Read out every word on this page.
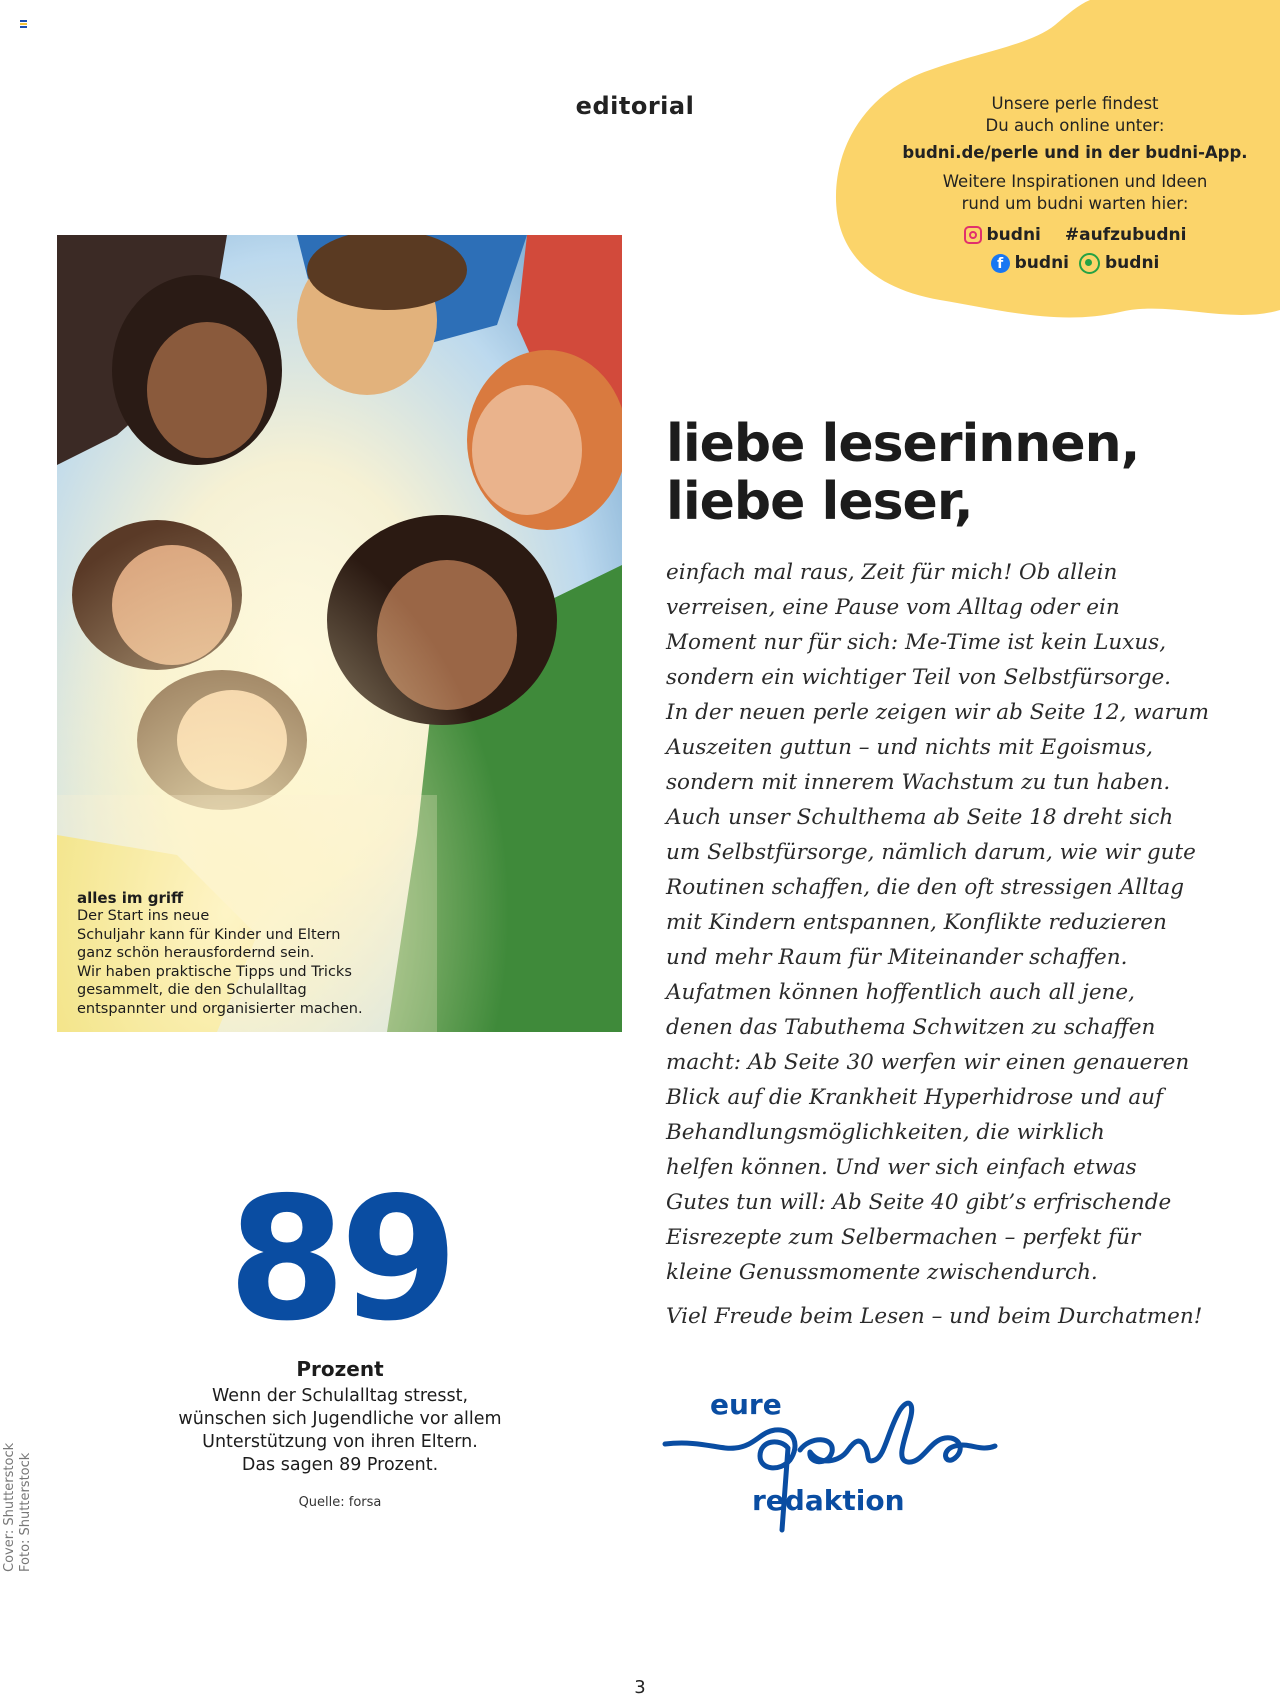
editorial	Unsere perle findest
Du auch online unter:
budni.de/perle und in der budni-App.
Weitere Inspirationen und Ideen
rund um budni warten hier:
budni #aufzubudni
f budni budni
alles im griff
Der Start ins neue
Schuljahr kann für Kinder und Eltern
ganz schön herausfordernd sein.
Wir haben praktische Tipps und Tricks
gesammelt, die den Schulalltag
entspannter und organisierter machen.
liebe leserinnen,
liebe leser,
einfach mal raus, Zeit für mich! Ob allein
verreisen, eine Pause vom Alltag oder ein
Moment nur für sich: Me-Time ist kein Luxus,
sondern ein wichtiger Teil von Selbstfürsorge.
In der neuen perle zeigen wir ab Seite 12, warum
Auszeiten guttun – und nichts mit Egoismus,
sondern mit innerem Wachstum zu tun haben.
Auch unser Schulthema ab Seite 18 dreht sich
um Selbstfürsorge, nämlich darum, wie wir gute
Routinen schaffen, die den oft stressigen Alltag
mit Kindern entspannen, Konflikte reduzieren
und mehr Raum für Miteinander schaffen.
Aufatmen können hoffentlich auch all jene,
denen das Tabuthema Schwitzen zu schaffen
macht: Ab Seite 30 werfen wir einen genaueren
Blick auf die Krankheit Hyperhidrose und auf
Behandlungsmöglichkeiten, die wirklich
helfen können. Und wer sich einfach etwas
Gutes tun will: Ab Seite 40 gibt’s erfrischende
Eisrezepte zum Selbermachen – perfekt für
kleine Genussmomente zwischendurch.
Viel Freude beim Lesen – und beim Durchatmen!
89
Prozent
Wenn der Schulalltag stresst,
wünschen sich Jugendliche vor allem
Unterstützung von ihren Eltern.
Das sagen 89 Prozent.
Quelle: forsa
eure
redaktion
Cover: Shutterstock Foto: Shutterstock
3
